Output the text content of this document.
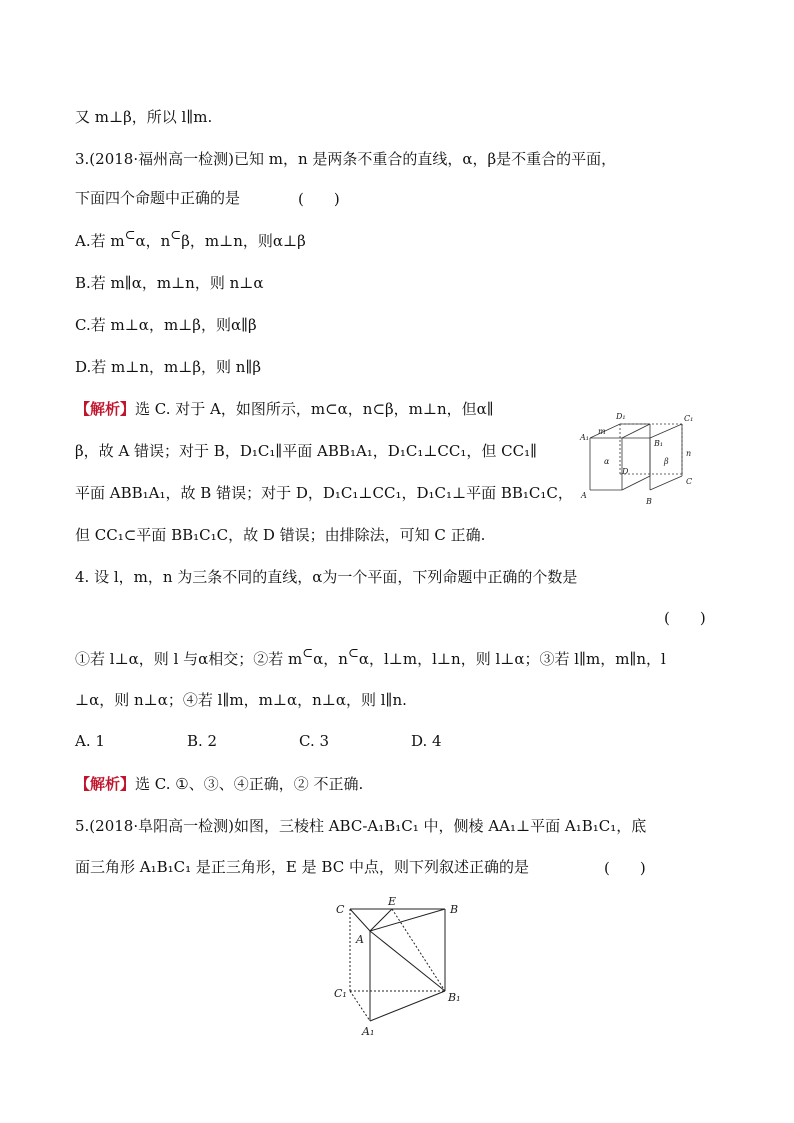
又 m⊥β，所以 l∥m.
3.(2018·福州高一检测)已知 m，n 是两条不重合的直线，α，β是不重合的平面，
下面四个命题中正确的是	(　　)
A.若 m⊂α，n⊂β，m⊥n，则α⊥β
B.若 m∥α，m⊥n，则 n⊥α
C.若 m⊥α，m⊥β，则α∥β
D.若 m⊥n，m⊥β，则 n∥β
【解析】选 C. 对于 A，如图所示，m⊂α，n⊂β，m⊥n，但α∥
β，故 A 错误；对于 B，D₁C₁∥平面 ABB₁A₁，D₁C₁⊥CC₁，但 CC₁∥
平面 ABB₁A₁，故 B 错误；对于 D，D₁C₁⊥CC₁，D₁C₁⊥平面 BB₁C₁C，
但 CC₁⊂平面 BB₁C₁C，故 D 错误；由排除法，可知 C 正确.
A₁
D₁	C₁
B₁
m
n
α	β
D
C
A
B
4. 设 l，m，n 为三条不同的直线，α为一个平面，下列命题中正确的个数是
(　　)
①若 l⊥α，则 l 与α相交；②若 m⊂α，n⊂α，l⊥m，l⊥n，则 l⊥α；③若 l∥m，m∥n，l
⊥α，则 n⊥α；④若 l∥m，m⊥α，n⊥α，则 l∥n.
A. 1	B. 2	C. 3	D. 4
【解析】选 C. ①、③、④正确，② 不正确.
5.(2018·阜阳高一检测)如图，三棱柱 ABC-A₁B₁C₁ 中，侧棱 AA₁⊥平面 A₁B₁C₁，底
面三角形 A₁B₁C₁ 是正三角形，E 是 BC 中点，则下列叙述正确的是	(　　)
C
E
B
A
C₁	B₁
A₁
